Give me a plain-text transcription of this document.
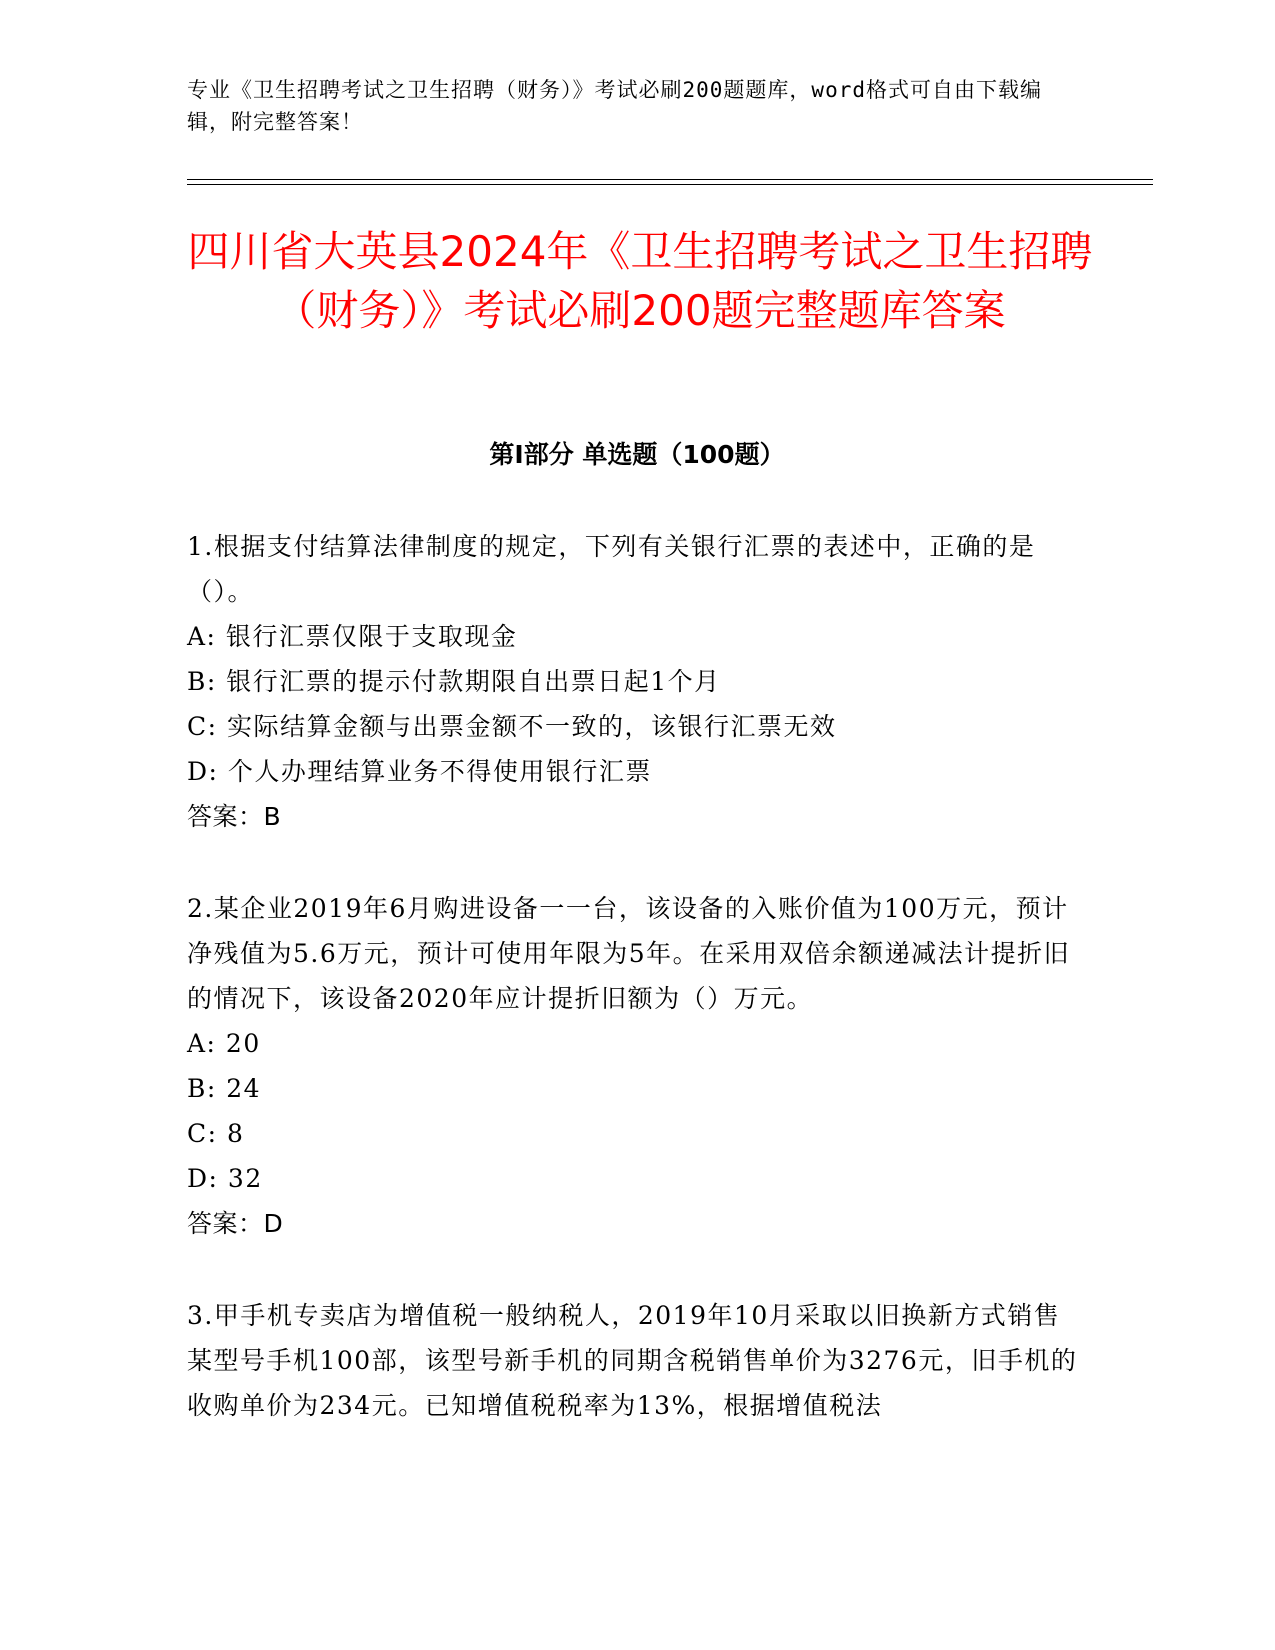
专业《卫生招聘考试之卫生招聘（财务）》考试必刷200题题库，word格式可自由下载编辑，附完整答案！
四川省大英县2024年《卫生招聘考试之卫生招聘（财务）》考试必刷200题完整题库答案
第I部分 单选题（100题）

1.根据支付结算法律制度的规定，下列有关银行汇票的表述中，正确的是（）。

A: 银行汇票仅限于支取现金

B: 银行汇票的提示付款期限自出票日起1个月

C: 实际结算金额与出票金额不一致的，该银行汇票无效

D: 个人办理结算业务不得使用银行汇票

答案：B

2.某企业2019年6月购进设备一一台，该设备的入账价值为100万元，预计净残值为5.6万元，预计可使用年限为5年。在采用双倍余额递减法计提折旧的情况下，该设备2020年应计提折旧额为（）万元。

A: 20

B: 24

C: 8

D: 32

答案：D

3.甲手机专卖店为增值税一般纳税人，2019年10月采取以旧换新方式销售某型号手机100部，该型号新手机的同期含税销售单价为3276元，旧手机的收购单价为234元。已知增值税税率为13%，根据增值税法
